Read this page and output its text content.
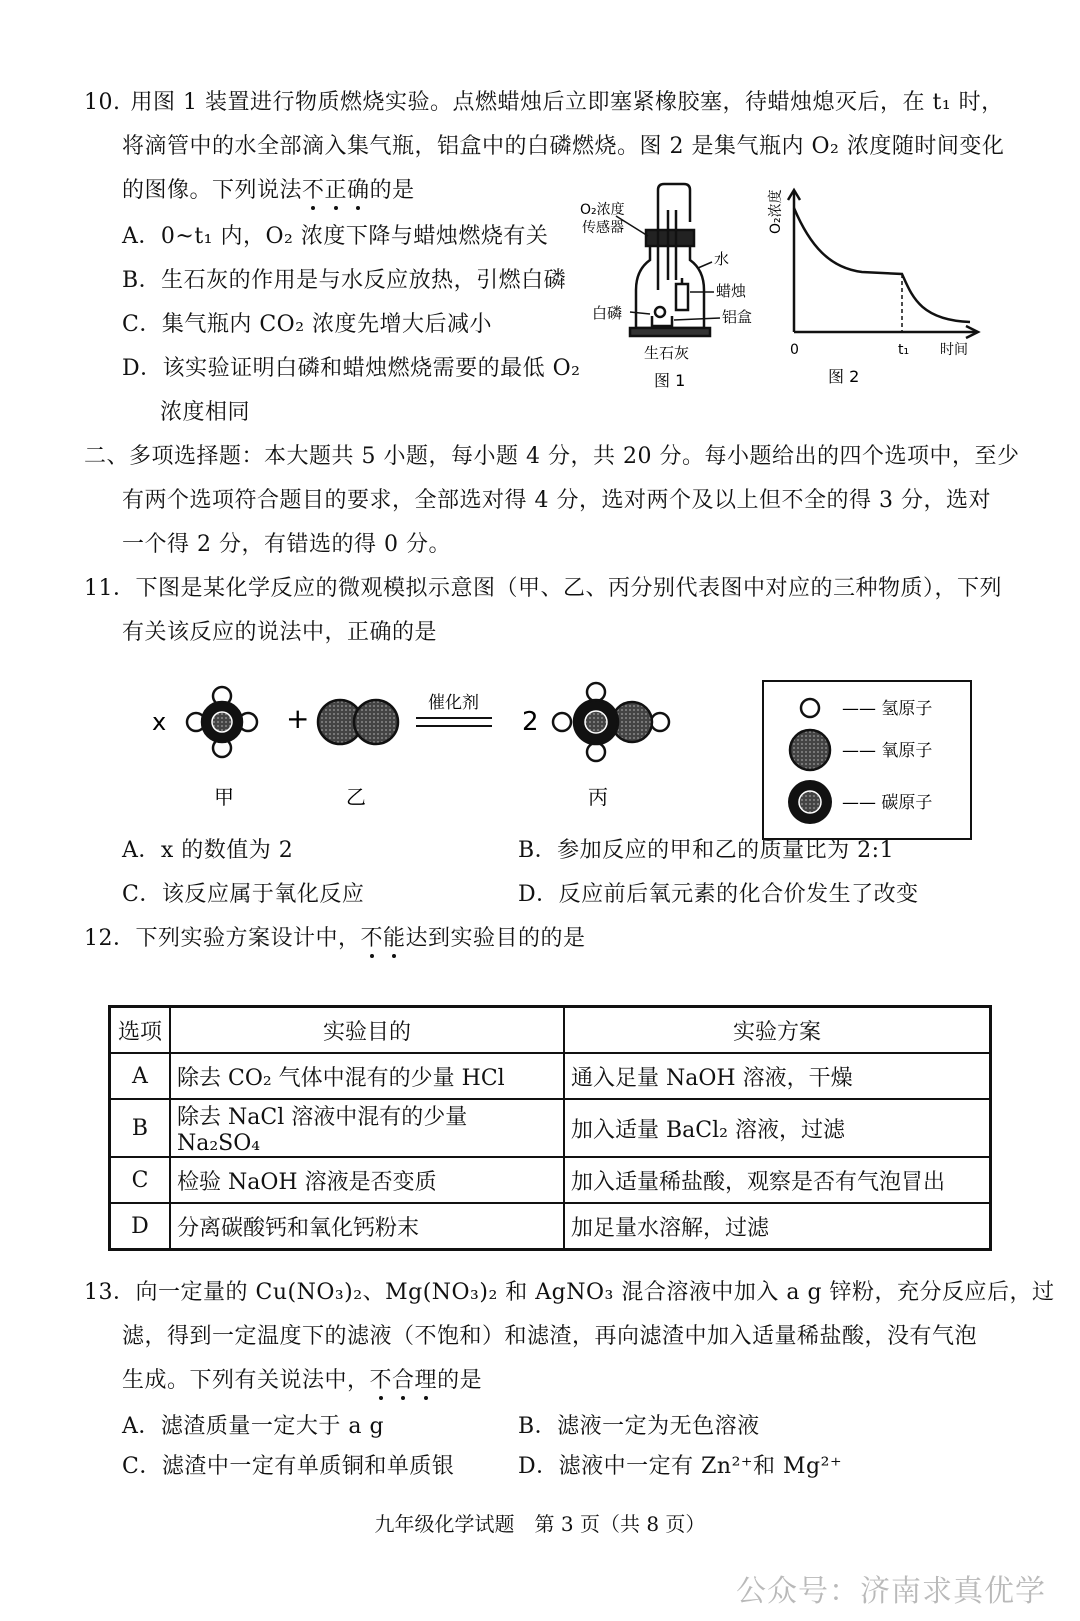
10. 用图 1 装置进行物质燃烧实验。点燃蜡烛后立即塞紧橡胶塞，待蜡烛熄灭后，在 t₁ 时，
将滴管中的水全部滴入集气瓶，铝盒中的白磷燃烧。图 2 是集气瓶内 O₂ 浓度随时间变化
的图像。下列说法不正确的是
A．0~t₁ 内，O₂ 浓度下降与蜡烛燃烧有关
B．生石灰的作用是与水反应放热，引燃白磷
C．集气瓶内 CO₂ 浓度先增大后减小
D．该实验证明白磷和蜡烛燃烧需要的最低 O₂
浓度相同
O₂浓度
传感器
水
蜡烛
白磷	铝盒
生石灰
图 1
O₂浓度
0	t₁ 时间
图 2
二、多项选择题：本大题共 5 小题，每小题 4 分，共 20 分。每小题给出的四个选项中，至少
有两个选项符合题目的要求，全部选对得 4 分，选对两个及以上但不全的得 3 分，选对
一个得 2 分，有错选的得 0 分。
11．下图是某化学反应的微观模拟示意图（甲、乙、丙分别代表图中对应的三种物质），下列
有关该反应的说法中，正确的是
x	+	催化剂
2
甲	乙	丙
—— 氢原子
—— 氧原子
—— 碳原子
A．x 的数值为 2	B．参加反应的甲和乙的质量比为 2:1
C．该反应属于氧化反应	D．反应前后氧元素的化合价发生了改变
12．下列实验方案设计中，不能达到实验目的的是
选项	实验目的	实验方案
A	除去 CO₂ 气体中混有的少量 HCl	通入足量 NaOH 溶液，干燥
B	除去 NaCl 溶液中混有的少量 Na₂SO₄	加入适量 BaCl₂ 溶液，过滤
C	检验 NaOH 溶液是否变质	加入适量稀盐酸，观察是否有气泡冒出
D	分离碳酸钙和氧化钙粉末	加足量水溶解，过滤
13．向一定量的 Cu(NO₃)₂、Mg(NO₃)₂ 和 AgNO₃ 混合溶液中加入 a g 锌粉，充分反应后，过
滤，得到一定温度下的滤液（不饱和）和滤渣，再向滤渣中加入适量稀盐酸，没有气泡
生成。下列有关说法中，不合理的是
A．滤渣质量一定大于 a g	B．滤液一定为无色溶液
C．滤渣中一定有单质铜和单质银	D．滤液中一定有 Zn²⁺和 Mg²⁺
九年级化学试题　第 3 页（共 8 页）
公众号：济南求真优学
